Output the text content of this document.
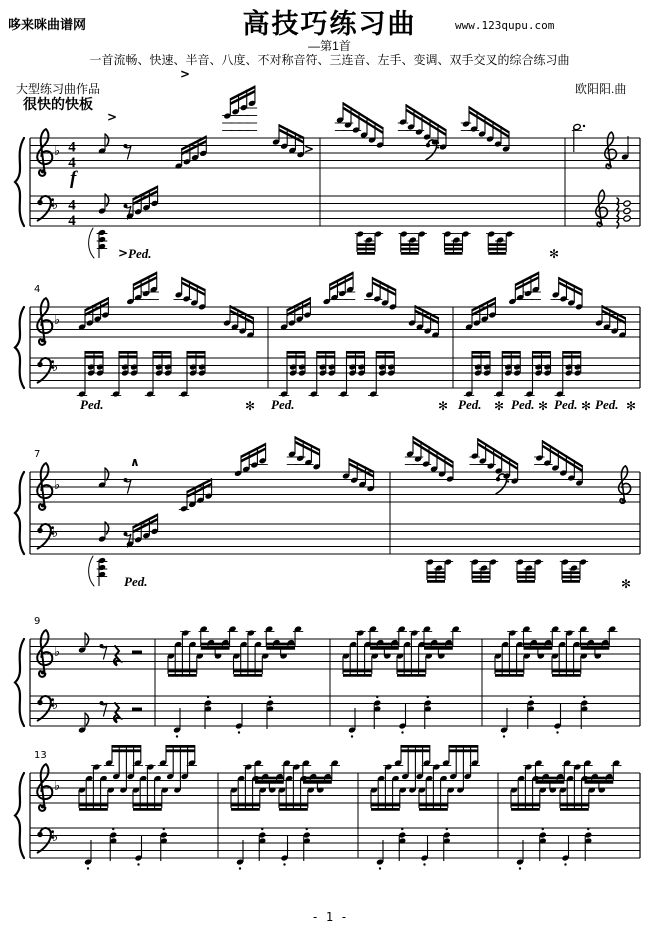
哆来咪曲谱网	高技巧练习曲	www.123qupu.com
—第1首
一首流畅、快速、半音、八度、不对称音符、三连音、左手、变调、双手交叉的综合练习曲
大型练习曲作品	欧阳阳.曲
很快的快板
♭
♭
4
4
4
4
f
>
>
>
> Ped.	✻
♭
♭
4
Ped.	✻ Ped.	✻ Ped. ✻ Ped. ✻ Ped. ✻ Ped. ✻
♭
♭
7
∧
Ped.	✻
♭
♭
9
♭
♭
13
- 1 -
